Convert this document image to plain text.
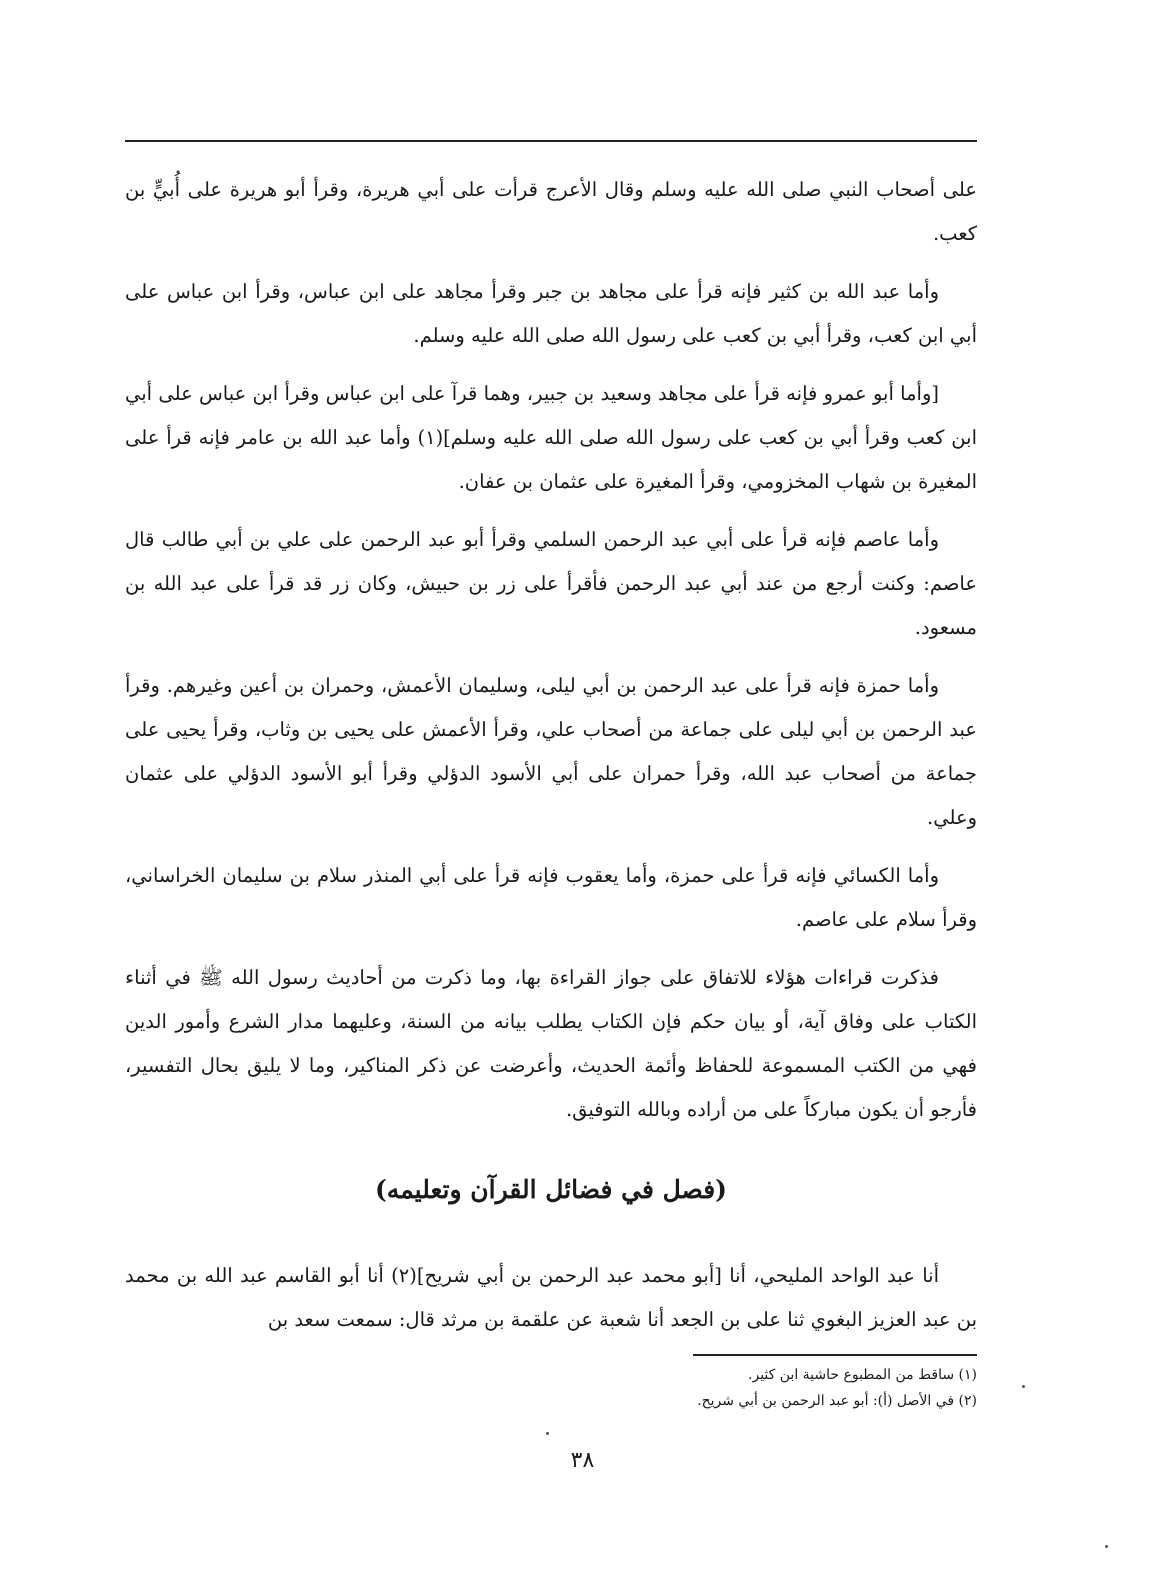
على أصحاب النبي صلى الله عليه وسلم وقال الأعرج قرأت على أبي هريرة، وقرأ أبو هريرة على أُبيٍّ بن كعب.

وأما عبد الله بن كثير فإنه قرأ على مجاهد بن جبر وقرأ مجاهد على ابن عباس، وقرأ ابن عباس على أبي ابن كعب، وقرأ أبي بن كعب على رسول الله صلى الله عليه وسلم.

[وأما أبو عمرو فإنه قرأ على مجاهد وسعيد بن جبير، وهما قرآ على ابن عباس وقرأ ابن عباس على أبي ابن كعب وقرأ أبي بن كعب على رسول الله صلى الله عليه وسلم](١) وأما عبد الله بن عامر فإنه قرأ على المغيرة بن شهاب المخزومي، وقرأ المغيرة على عثمان بن عفان.

وأما عاصم فإنه قرأ على أبي عبد الرحمن السلمي وقرأ أبو عبد الرحمن على علي بن أبي طالب قال عاصم: وكنت أرجع من عند أبي عبد الرحمن فأقرأ على زر بن حبيش، وكان زر قد قرأ على عبد الله بن مسعود.

وأما حمزة فإنه قرأ على عبد الرحمن بن أبي ليلى، وسليمان الأعمش، وحمران بن أعين وغيرهم. وقرأ عبد الرحمن بن أبي ليلى على جماعة من أصحاب علي، وقرأ الأعمش على يحيى بن وثاب، وقرأ يحيى على جماعة من أصحاب عبد الله، وقرأ حمران على أبي الأسود الدؤلي وقرأ أبو الأسود الدؤلي على عثمان وعلي.

وأما الكسائي فإنه قرأ على حمزة، وأما يعقوب فإنه قرأ على أبي المنذر سلام بن سليمان الخراساني، وقرأ سلام على عاصم.

فذكرت قراءات هؤلاء للاتفاق على جواز القراءة بها، وما ذكرت من أحاديث رسول الله ﷺ في أثناء الكتاب على وفاق آية، أو بيان حكم فإن الكتاب يطلب بيانه من السنة، وعليهما مدار الشرع وأمور الدين فهي من الكتب المسموعة للحفاظ وأئمة الحديث، وأعرضت عن ذكر المناكير، وما لا يليق بحال التفسير، فأرجو أن يكون مباركاً على من أراده وبالله التوفيق.

(فصل في فضائل القرآن وتعليمه)

أنا عبد الواحد المليحي، أنا [أبو محمد عبد الرحمن بن أبي شريح](٢) أنا أبو القاسم عبد الله بن محمد بن عبد العزيز البغوي ثنا على بن الجعد أنا شعبة عن علقمة بن مرثد قال: سمعت سعد بن

(١) ساقط من المطبوع حاشية ابن كثير.
(٢) في الأصل (أ): أبو عبد الرحمن بن أبي شريح.
٣٨
